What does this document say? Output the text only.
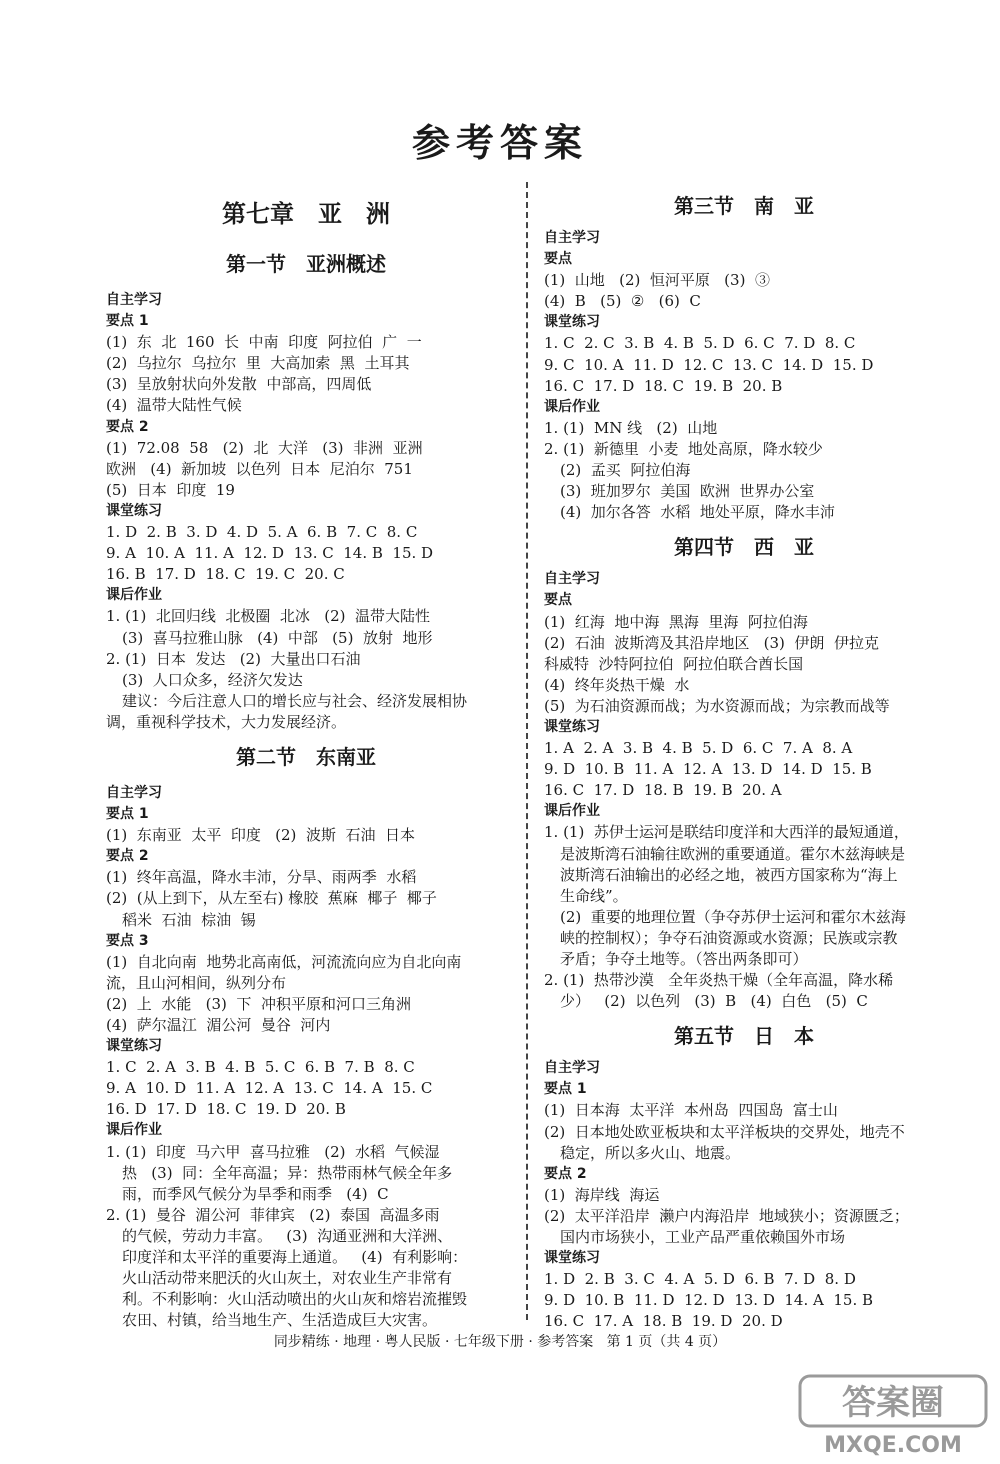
参考答案
第七章　亚　洲
第一节　亚洲概述

自主学习

要点 1

(1)  东  北  160  长  中南  印度  阿拉伯  广  一

(2)  乌拉尔  乌拉尔  里  大高加索  黑  土耳其

(3)  呈放射状向外发散  中部高，四周低

(4)  温带大陆性气候

要点 2

(1)  72.08  58   (2)  北  大洋   (3)  非洲  亚洲

欧洲   (4)  新加坡  以色列  日本  尼泊尔  751

(5)  日本  印度  19

课堂练习

1. D  2. B  3. D  4. D  5. A  6. B  7. C  8. C

9. A  10. A  11. A  12. D  13. C  14. B  15. D

16. B  17. D  18. C  19. C  20. C

课后作业

1. (1)  北回归线  北极圈  北冰   (2)  温带大陆性

(3)  喜马拉雅山脉   (4)  中部   (5)  放射  地形

2. (1)  日本  发达   (2)  大量出口石油

(3)  人口众多，经济欠发达

建议：今后注意人口的增长应与社会、经济发展相协

调，重视科学技术，大力发展经济。

第二节　东南亚

自主学习

要点 1

(1)  东南亚  太平  印度   (2)  波斯  石油  日本

要点 2

(1)  终年高温，降水丰沛，分旱、雨两季  水稻

(2)  (从上到下，从左至右) 橡胶  蕉麻  椰子  椰子

稻米  石油  棕油  锡

要点 3

(1)  自北向南  地势北高南低，河流流向应为自北向南

流，且山河相间，纵列分布

(2)  上  水能   (3)  下  冲积平原和河口三角洲

(4)  萨尔温江  湄公河  曼谷  河内

课堂练习

1. C  2. A  3. B  4. B  5. C  6. B  7. B  8. C

9. A  10. D  11. A  12. A  13. C  14. A  15. C

16. D  17. D  18. C  19. D  20. B

课后作业

1. (1)  印度  马六甲  喜马拉雅   (2)  水稻  气候湿

热   (3)  同：全年高温；异：热带雨林气候全年多

雨，而季风气候分为旱季和雨季   (4)  C

2. (1)  曼谷  湄公河  菲律宾   (2)  泰国  高温多雨

的气候，劳动力丰富。   (3)  沟通亚洲和大洋洲、

印度洋和太平洋的重要海上通道。   (4)  有利影响：

火山活动带来肥沃的火山灰土，对农业生产非常有

利。不利影响：火山活动喷出的火山灰和熔岩流摧毁

农田、村镇，给当地生产、生活造成巨大灾害。

第三节　南　亚

自主学习

要点

(1)  山地   (2)  恒河平原   (3)  ③

(4)  B   (5)  ②   (6)  C

课堂练习

1. C  2. C  3. B  4. B  5. D  6. C  7. D  8. C

9. C  10. A  11. D  12. C  13. C  14. D  15. D

16. C  17. D  18. C  19. B  20. B

课后作业

1. (1)  MN 线   (2)  山地

2. (1)  新德里  小麦  地处高原，降水较少

(2)  孟买  阿拉伯海

(3)  班加罗尔  美国  欧洲  世界办公室

(4)  加尔各答  水稻  地处平原，降水丰沛

第四节　西　亚

自主学习

要点

(1)  红海  地中海  黑海  里海  阿拉伯海

(2)  石油  波斯湾及其沿岸地区   (3)  伊朗  伊拉克

科威特  沙特阿拉伯  阿拉伯联合酋长国

(4)  终年炎热干燥  水

(5)  为石油资源而战；为水资源而战；为宗教而战等

课堂练习

1. A  2. A  3. B  4. B  5. D  6. C  7. A  8. A

9. D  10. B  11. A  12. A  13. D  14. D  15. B

16. C  17. D  18. B  19. B  20. A

课后作业

1. (1)  苏伊士运河是联结印度洋和大西洋的最短通道，

是波斯湾石油输往欧洲的重要通道。霍尔木兹海峡是

波斯湾石油输出的必经之地，被西方国家称为“海上

生命线”。

(2)  重要的地理位置（争夺苏伊士运河和霍尔木兹海

峡的控制权）；争夺石油资源或水资源；民族或宗教

矛盾；争夺土地等。（答出两条即可）

2. (1)  热带沙漠   全年炎热干燥（全年高温，降水稀

少）   (2)  以色列   (3)  B   (4)  白色   (5)  C

第五节　日　本

自主学习

要点 1

(1)  日本海  太平洋  本州岛  四国岛  富士山

(2)  日本地处欧亚板块和太平洋板块的交界处，地壳不

稳定，所以多火山、地震。

要点 2

(1)  海岸线  海运

(2)  太平洋沿岸  濑户内海沿岸  地域狭小；资源匮乏；

国内市场狭小，工业产品严重依赖国外市场

课堂练习

1. D  2. B  3. C  4. A  5. D  6. B  7. D  8. D

9. D  10. B  11. D  12. D  13. D  14. A  15. B

16. C  17. A  18. B  19. D  20. D

同步精练 · 地理 · 粤人民版 · 七年级下册 · 参考答案   第 1 页（共 4 页）
答案圈
MXQE.COM
